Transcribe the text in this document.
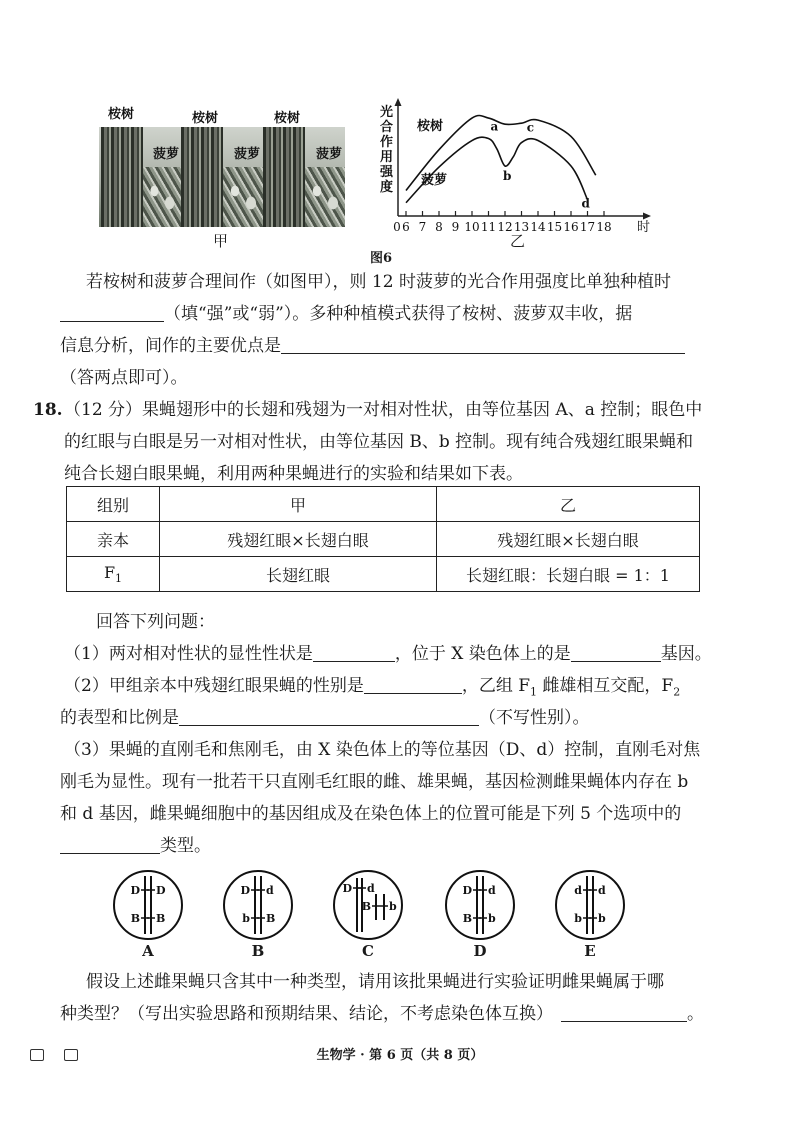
桉树	桉树	桉树
菠萝	菠萝	菠萝
甲
光
合
作
用
强
度
0 6 7 8 9 10 11 12 13 14 15 16 17 18 时
桉树
菠萝
a
b
c
d
图6
乙
若桉树和菠萝合理间作（如图甲），则 12 时菠萝的光合作用强度比单独种植时
（填“强”或“弱”）。多种种植模式获得了桉树、菠萝双丰收，据
信息分析，间作的主要优点是
（答两点即可）。
18. （12 分）果蝇翅形中的长翅和残翅为一对相对性状，由等位基因 A、a 控制；眼色中
的红眼与白眼是另一对相对性状，由等位基因 B、b 控制。现有纯合残翅红眼果蝇和
纯合长翅白眼果蝇，利用两种果蝇进行的实验和结果如下表。
组别	甲	乙
亲本	残翅红眼×长翅白眼	残翅红眼×长翅白眼
$F_1$	长翅红眼	长翅红眼：长翅白眼 = 1：1
回答下列问题：
（1）两对相对性状的显性性状是	，位于 X 染色体上的是	基因。
（2）甲组亲本中残翅红眼果蝇的性别是	，乙组 $F_1$ 雌雄相互交配，$F_2$
的表型和比例是	（不写性别）。
（3）果蝇的直刚毛和焦刚毛，由 X 染色体上的等位基因（D、d）控制，直刚毛对焦
刚毛为显性。现有一批若干只直刚毛红眼的雌、雄果蝇，基因检测雌果蝇体内存在 b
和 d 基因，雌果蝇细胞中的基因组成及在染色体上的位置可能是下列 5 个选项中的
类型。
D D
B B
D d
b B
D d
B b
D d
B b
d d
b b
A	B	C	D	E
假设上述雌果蝇只含其中一种类型，请用该批果蝇进行实验证明雌果蝇属于哪
种类型？（写出实验思路和预期结果、结论，不考虑染色体互换）	。
生物学 · 第 6 页（共 8 页）
